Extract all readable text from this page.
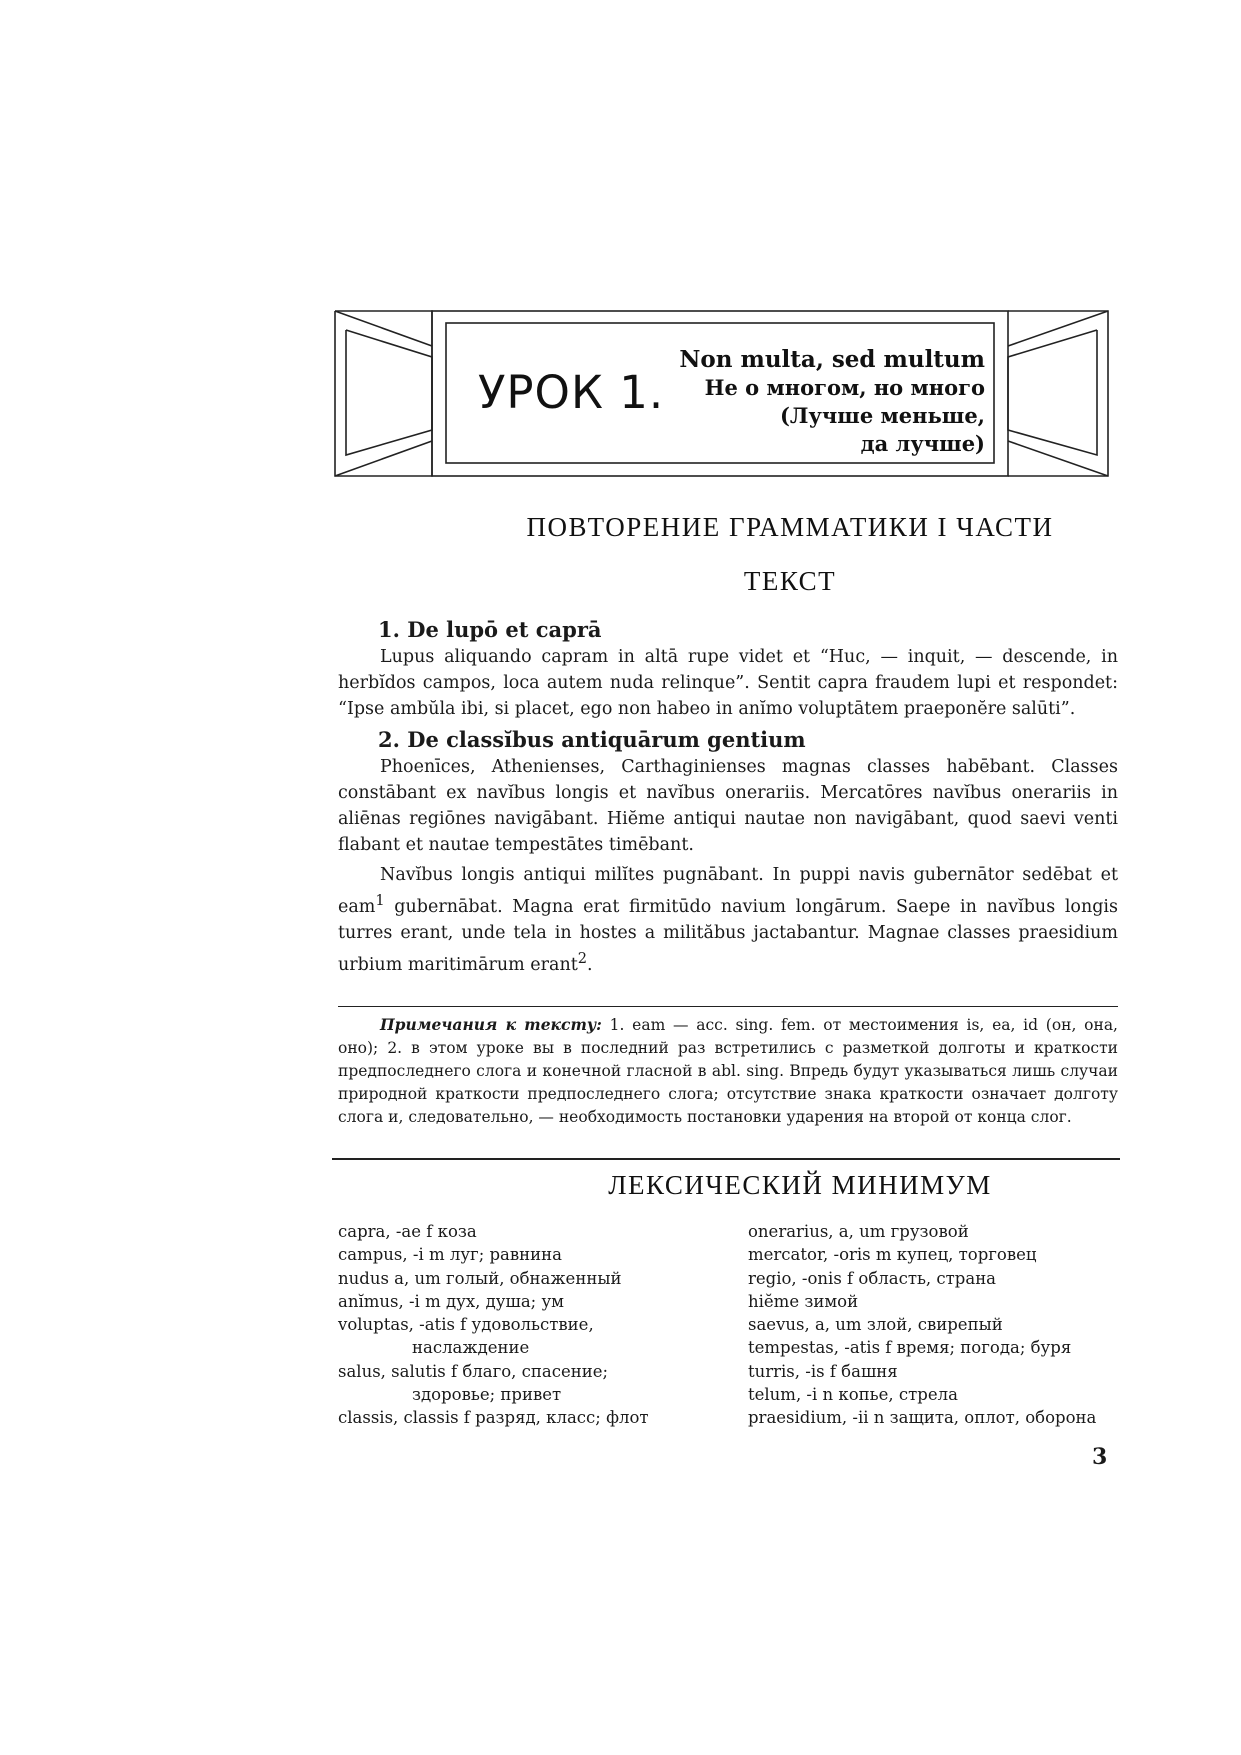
УРОК 1.
Non multa, sed multum
Не о многом, но много
(Лучше меньше,
да лучше)
ПОВТОРЕНИЕ ГРАММАТИКИ I ЧАСТИ
ТЕКСТ
1. De lupō et caprā

Lupus aliquando capram in altā rupe videt et “Huc, — inquit, — descende, in herbĭdos campos, loca autem nuda relinque”. Sentit capra fraudem lupi et respondet: “Ipse ambŭla ibi, si placet, ego non habeo in anĭmo voluptātem praeponĕre salūti”.

2. De classĭbus antiquārum gentium

Phoenīces, Athenienses, Carthaginienses magnas classes habēbant. Classes constābant ex navĭbus longis et navĭbus onerariis. Mercatōres navĭbus onerariis in aliēnas regiōnes navigābant. Hiĕme antiqui nautae non navigābant, quod saevi venti flabant et nautae tempestātes timēbant.

Navĭbus longis antiqui milĭtes pugnābant. In puppi navis gubernātor sedēbat et eam$^1$ gubernābat. Magna erat firmitūdo navium longārum. Saepe in navĭbus longis turres erant, unde tela in hostes a milităbus jactabantur. Magnae classes praesidium urbium maritimārum erant$^2$.

Примечания к тексту: 1. eam — acc. sing. fem. от местоимения is, ea, id (он, она, оно); 2. в этом уроке вы в последний раз встретились с разметкой долготы и краткости предпоследнего слога и конечной гласной в abl. sing. Впредь будут указываться лишь случаи природной краткости предпоследнего слога; отсутствие знака краткости означает долготу слога и, следовательно, — необходимость постановки ударения на второй от конца слог.
ЛЕКСИЧЕСКИЙ МИНИМУМ
capra, -ae f коза
campus, -i m луг; равнина
nudus a, um голый, обнаженный
anĭmus, -i m дух, душа; ум
voluptas, -atis f удовольствие,
наслаждение
salus, salutis f благо, спасение;
здоровье; привет
classis, classis f разряд, класс; флот
onerarius, a, um грузовой
mercator, -oris m купец, торговец
regio, -onis f область, страна
hiĕme зимой
saevus, a, um злой, свирепый
tempestas, -atis f время; погода; буря
turris, -is f башня
telum, -i n копье, стрела
praesidium, -ii n защита, оплот, оборона
3
